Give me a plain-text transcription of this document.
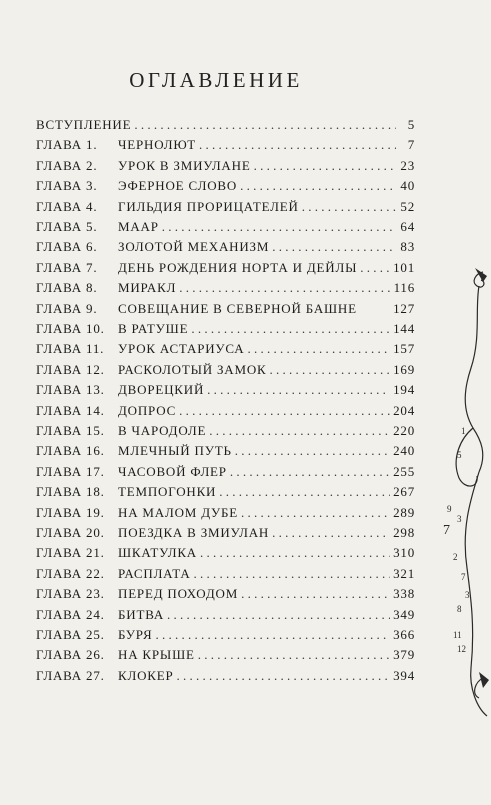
ОГЛАВЛЕНИЕ
ВСТУПЛЕНИЕ . . .	5
ГЛАВА 1.	ЧЕРНОЛЮТ . . .	7
ГЛАВА 2.	УРОК В ЗМИУЛАНЕ . . .	23
ГЛАВА 3.	ЭФЕРНОЕ СЛОВО . . .	40
ГЛАВА 4.	ГИЛЬДИЯ ПРОРИЦАТЕЛЕЙ . . .	52
ГЛАВА 5.	МААР . . .	64
ГЛАВА 6.	ЗОЛОТОЙ МЕХАНИЗМ . . .	83
ГЛАВА 7.	ДЕНЬ РОЖДЕНИЯ НОРТА И ДЕЙЛЫ . . .	101
ГЛАВА 8.	МИРАКЛ . . .	116
ГЛАВА 9.	СОВЕЩАНИЕ В СЕВЕРНОЙ БАШНЕ	127
ГЛАВА 10.	В РАТУШЕ . . .	144
ГЛАВА 11.	УРОК АСТАРИУСА . . .	157
ГЛАВА 12.	РАСКОЛОТЫЙ ЗАМОК . . .	169
ГЛАВА 13.	ДВОРЕЦКИЙ . . .	194
ГЛАВА 14.	ДОПРОС . . .	204
ГЛАВА 15.	В ЧАРОДОЛЕ . . .	220
ГЛАВА 16.	МЛЕЧНЫЙ ПУТЬ . . .	240
ГЛАВА 17.	ЧАСОВОЙ ФЛЕР . . .	255
ГЛАВА 18.	ТЕМПОГОНКИ . . .	267
ГЛАВА 19.	НА МАЛОМ ДУБЕ . . .	289
ГЛАВА 20.	ПОЕЗДКА В ЗМИУЛАН . . .	298
ГЛАВА 21.	ШКАТУЛКА . . .	310
ГЛАВА 22.	РАСПЛАТА . . .	321
ГЛАВА 23.	ПЕРЕД ПОХОДОМ . . .	338
ГЛАВА 24.	БИТВА . . .	349
ГЛАВА 25.	БУРЯ . . .	366
ГЛАВА 26.	НА КРЫШЕ . . .	379
ГЛАВА 27.	КЛОКЕР . . .	394
1
5
9
7
3
2
7
3
8
11
12
